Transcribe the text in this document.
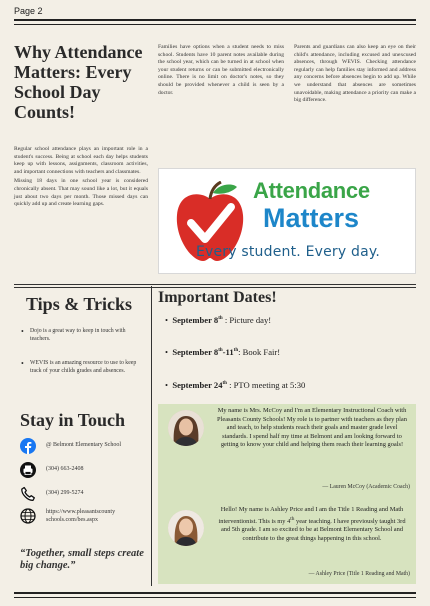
Page 2
Why Attendance Matters: Every School Day Counts!

Regular school attendance plays an important role in a student's success. Being at school each day helps students keep up with lessons, assignments, classroom activities, and important connections with teachers and classmates.

Missing 18 days in one school year is considered chronically absent. That may sound like a lot, but it equals just about two days per month. Those missed days can quickly add up and create learning gaps.

Families have options when a student needs to miss school. Students have 10 parent notes available during the school year, which can be turned in at school when your student returns or can be submitted electronically online. There is no limit on doctor's notes, so they should be provided whenever a child is seen by a doctor.
Parents and guardians can also keep an eye on their child's attendance, including excused and unexcused absences, through WEVIS. Checking attendance regularly can help families stay informed and address any concerns before absences begin to add up. While we understand that absences are sometimes unavoidable, making attendance a priority can make a big difference.
Attendance
Matters
Every student. Every day.
Tips & Tricks
• Dojo is a great way to keep in touch with teachers.
• WEVIS is an amazing resource to use to keep track of your childs grades and absences.
Stay in Touch
@ Belmont Elementary School
(304) 663-2408
(304) 299-5274
https://www.pleasantscounty schools.com/bes.aspx
“Together, small steps create big change.”
Important Dates!
•  September 8th : Picture day!
•  September 8th-11th: Book Fair!
•  September 24th : PTO meeting at 5:30
My name is Mrs. McCoy and I'm an Elementary Instructional Coach with Pleasants County Schools! My role is to partner with teachers as they plan and teach, to help students reach their goals and master grade level standards. I spend half my time at Belmont and am looking forward to getting to know your child and helping them reach their learning goals!
— Lauren McCoy (Academic Coach)
Hello! My name is Ashley Price and I am the Title 1 Reading and Math interventionist. This is my 4th year teaching. I have previously taught 3rd and 5th grade. I am so excited to be at Belmont Elementary School and contribute to the great things happening in this school.
— Ashley Price (Title 1 Reading and Math)
